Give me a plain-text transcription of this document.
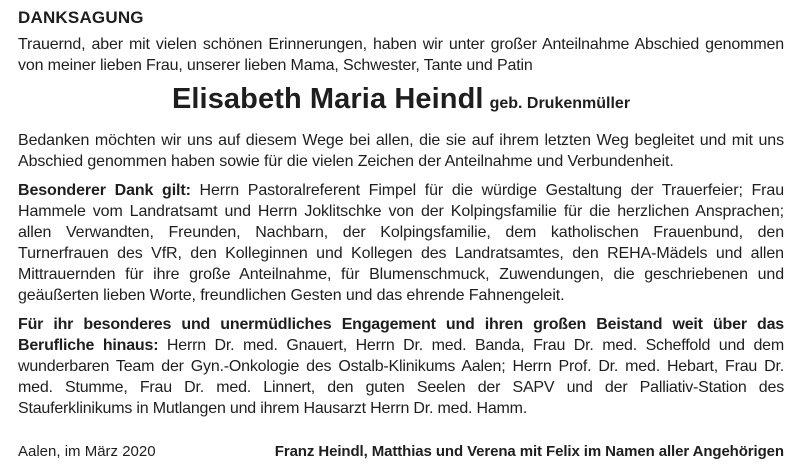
DANKSAGUNG

Trauernd, aber mit vielen schönen Erinnerungen, haben wir unter großer Anteilnahme Abschied genommen von meiner lieben Frau, unserer lieben Mama, Schwester, Tante und Patin

Elisabeth Maria Heindl geb. Drukenmüller

Bedanken möchten wir uns auf diesem Wege bei allen, die sie auf ihrem letzten Weg begleitet und mit uns Abschied genommen haben sowie für die vielen Zeichen der Anteilnahme und Verbundenheit.

Besonderer Dank gilt: Herrn Pastoralreferent Fimpel für die würdige Gestaltung der Trauerfeier; Frau Hammele vom Landratsamt und Herrn Joklitschke von der Kolpingsfamilie für die herzlichen Ansprachen; allen Verwandten, Freunden, Nachbarn, der Kolpingsfamilie, dem katholischen Frauenbund, den Turnerfrauen des VfR, den Kolleginnen und Kollegen des Landratsamtes, den REHA-Mädels und allen Mittrauernden für ihre große Anteilnahme, für Blumenschmuck, Zuwendungen, die geschriebenen und geäußerten lieben Worte, freundlichen Gesten und das ehrende Fahnengeleit.

Für ihr besonderes und unermüdliches Engagement und ihren großen Beistand weit über das Berufliche hinaus: Herrn Dr. med. Gnauert, Herrn Dr. med. Banda, Frau Dr. med. Scheffold und dem wunderbaren Team der Gyn.-Onkologie des Ostalb-Klinikums Aalen; Herrn Prof. Dr. med. Hebart, Frau Dr. med. Stumme, Frau Dr. med. Linnert, den guten Seelen der SAPV und der Palliativ-Station des Stauferklinikums in Mutlangen und ihrem Hausarzt Herrn Dr. med. Hamm.

Aalen, im März 2020	Franz Heindl, Matthias und Verena mit Felix im Namen aller Angehörigen
